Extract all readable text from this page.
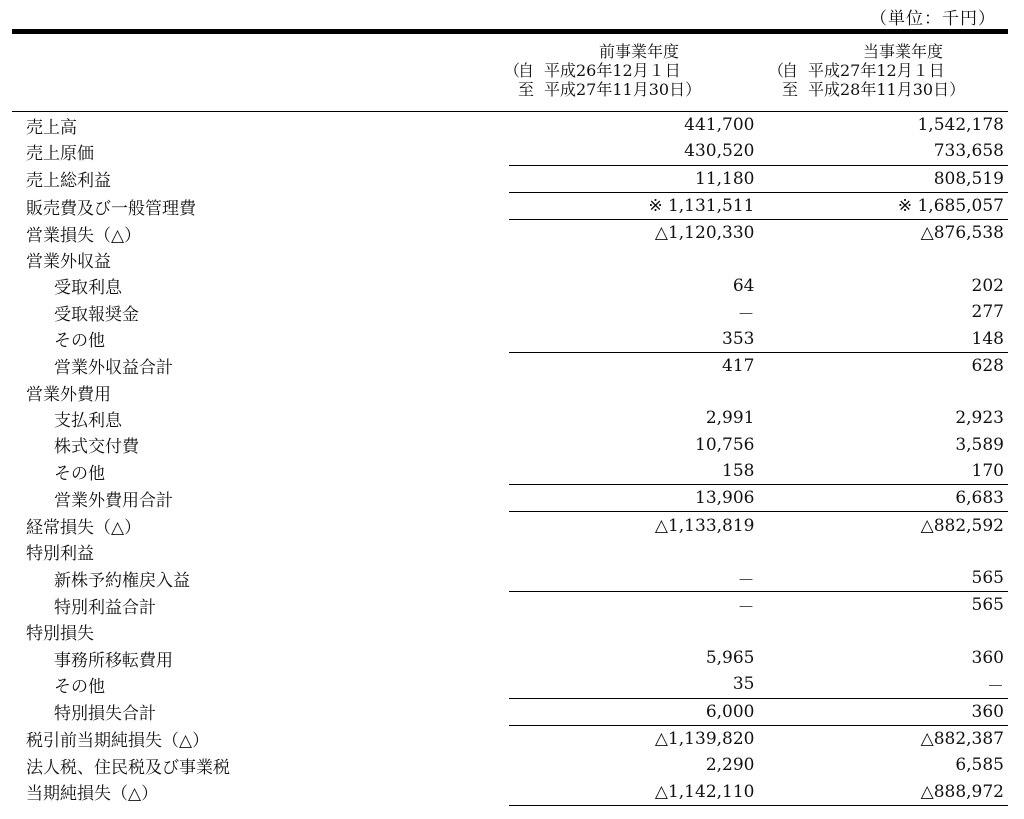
（単位：千円）
前事業年度
（自 平成26年12月１日
至 平成27年11月30日）
当事業年度
（自 平成27年12月１日
至 平成28年11月30日）
売上高	441,700	1,542,178
売上原価	430,520	733,658
売上総利益	11,180	808,519
販売費及び一般管理費	※ 1,131,511	※ 1,685,057
営業損失（△）	△1,120,330	△876,538
営業外収益		
受取利息	64	202
受取報奨金	－	277
その他	353	148
営業外収益合計	417	628
営業外費用		
支払利息	2,991	2,923
株式交付費	10,756	3,589
その他	158	170
営業外費用合計	13,906	6,683
経常損失（△）	△1,133,819	△882,592
特別利益		
新株予約権戻入益	－	565
特別利益合計	－	565
特別損失		
事務所移転費用	5,965	360
その他	35	－
特別損失合計	6,000	360
税引前当期純損失（△）	△1,139,820	△882,387
法人税、住民税及び事業税	2,290	6,585
当期純損失（△）	△1,142,110	△888,972
